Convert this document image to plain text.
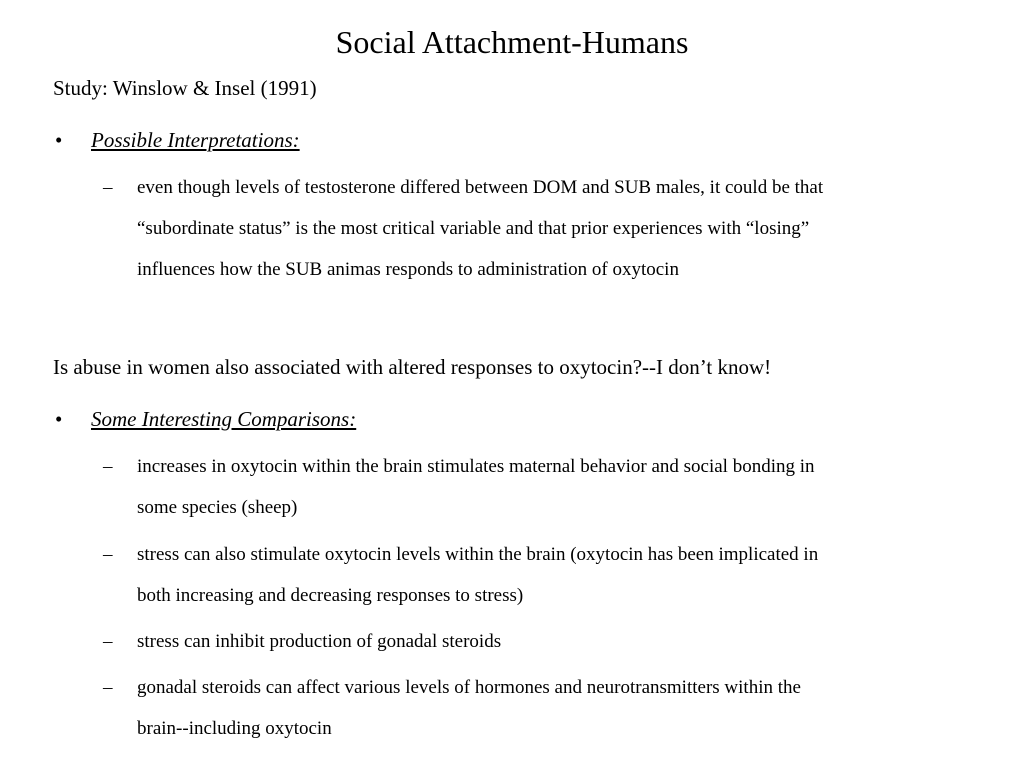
Social Attachment-Humans
Study: Winslow & Insel (1991)
• Possible Interpretations:
– even though levels of testosterone differed between DOM and SUB males, it could be that
“subordinate status” is the most critical variable and that prior experiences with “losing”
influences how the SUB animas responds to administration of oxytocin
Is abuse in women also associated with altered responses to oxytocin?--I don’t know!
• Some Interesting Comparisons:
– increases in oxytocin within the brain stimulates maternal behavior and social bonding in
some species (sheep)
– stress can also stimulate oxytocin levels within the brain (oxytocin has been implicated in
both increasing and decreasing responses to stress)
– stress can inhibit production of gonadal steroids
– gonadal steroids can affect various levels of hormones and neurotransmitters within the
brain--including oxytocin
